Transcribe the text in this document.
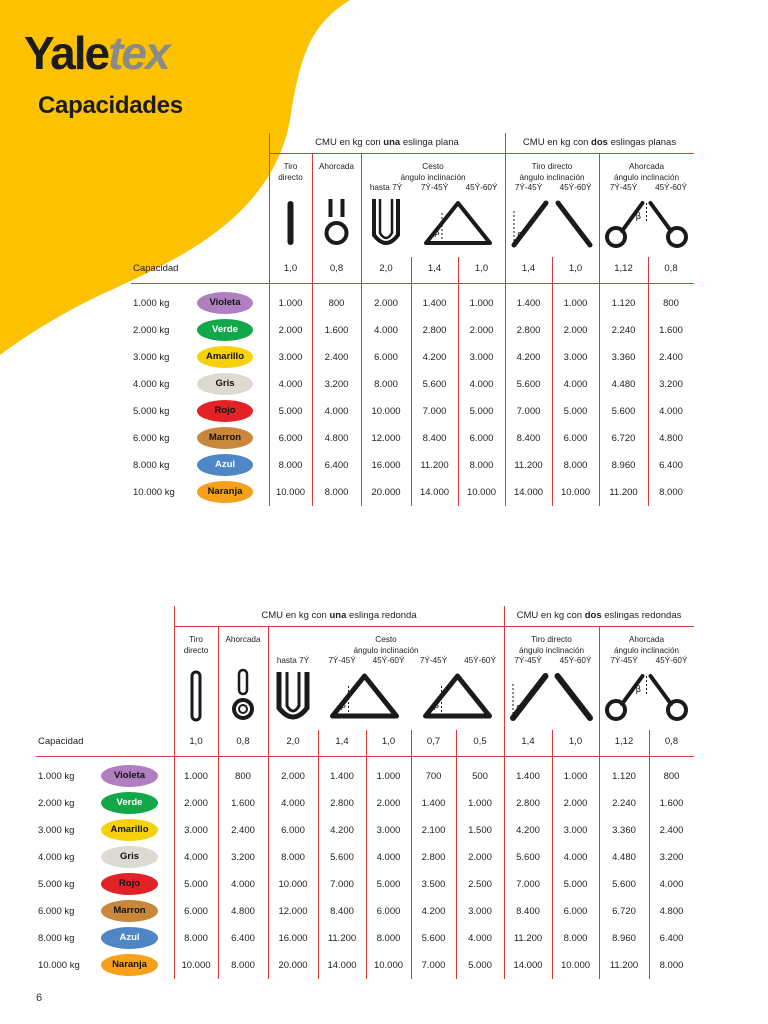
Yaletex
Capacidades
CMU en kg con una eslinga plana	CMU en kg con dos eslingas planas
Tiro
directo
Ahorcada	Cesto
ángulo inclinación
Tiro directo
ángulo inclinación
Ahorcada
ángulo inclinación
hasta 7Ý	7Ý-45Ý	45Ý-60Ý	7Ý-45Ý	45Ý-60Ý	7Ý-45Ý	45Ý-60Ý
β	β
β
Capacidad	1,0	0,8	2,0	1,4	1,0	1,4	1,0	1,12	0,8
1.000 kg	Violeta	1.000	800	2.000	1.400	1.000	1.400	1.000	1.120	800
2.000 kg	Verde	2.000	1.600	4.000	2.800	2.000	2.800	2.000	2.240	1.600
3.000 kg	Amarillo	3.000	2.400	6.000	4.200	3.000	4.200	3.000	3.360	2.400
4.000 kg	Gris	4.000	3.200	8.000	5.600	4.000	5.600	4.000	4.480	3.200
5.000 kg	Rojo	5.000	4.000	10.000	7.000	5.000	7.000	5.000	5.600	4.000
6.000 kg	Marron	6.000	4.800	12.000	8.400	6.000	8.400	6.000	6.720	4.800
8.000 kg	Azul	8.000	6.400	16.000	11.200	8.000	11.200	8.000	8.960	6.400
10.000 kg	Naranja	10.000	8.000	20.000	14.000	10.000	14.000	10.000	11.200	8.000
CMU en kg con una eslinga redonda	CMU en kg con dos eslingas redondas
Tiro
directo
Ahorcada	Cesto
ángulo inclinación
Tiro directo
ángulo inclinación
Ahorcada
ángulo inclinación
hasta 7Ý	7Ý-45Ý	45Ý-60Ý	7Ý-45Ý	45Ý-60Ý	7Ý-45Ý	45Ý-60Ý	7Ý-45Ý	45Ý-60Ý
β	β	β
β
Capacidad	1,0	0,8	2,0	1,4	1,0	0,7	0,5	1,4	1,0	1,12	0,8
1.000 kg	Violeta	1.000	800	2.000	1.400	1.000	700	500	1.400	1.000	1.120	800
2.000 kg	Verde	2.000	1.600	4.000	2.800	2.000	1.400	1.000	2.800	2.000	2.240	1.600
3.000 kg	Amarillo	3.000	2.400	6.000	4.200	3.000	2.100	1.500	4.200	3.000	3.360	2.400
4.000 kg	Gris	4.000	3.200	8.000	5.600	4.000	2.800	2.000	5.600	4.000	4.480	3.200
5.000 kg	Rojo	5.000	4.000	10.000	7.000	5.000	3.500	2.500	7.000	5.000	5.600	4.000
6.000 kg	Marron	6.000	4.800	12.000	8.400	6.000	4.200	3.000	8.400	6.000	6.720	4.800
8.000 kg	Azul	8.000	6.400	16.000	11.200	8.000	5.600	4.000	11.200	8.000	8.960	6.400
10.000 kg	Naranja	10.000	8.000	20.000	14.000	10.000	7.000	5.000	14.000	10.000	11.200	8.000
6
